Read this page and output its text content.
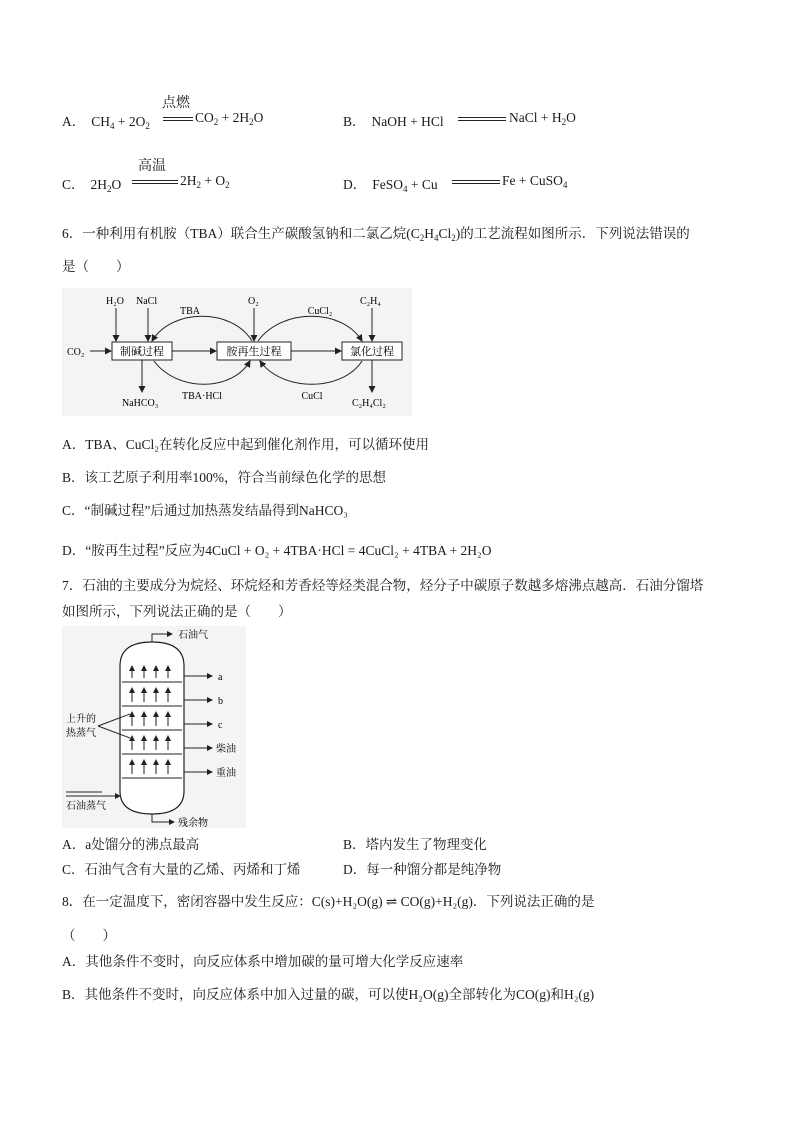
A． $CH_4 + 2O_2$
点燃
$CO_2 + 2H_2O$	B． NaOH + HCl	NaCl + $H_2O$
C． $2H_2O$
高温
$2H_2 + O_2$	D． FeSO$_4$ + Cu	Fe + CuSO$_4$
6．一种利用有机胺（TBA）联合生产碳酸氢钠和二氯乙烷$(C_2H_4Cl_2)$的工艺流程如图所示．下列说法错误的
是（　　）
制碱过程	胺再生过程	氯化过程
CO₂
H₂O NaCl	O₂	C₂H₄
TBA	CuCl₂
TBA·HCl	CuCl
NaHCO₃	C₂H₄Cl₂
A．TBA、CuCl₂在转化反应中起到催化剂作用，可以循环使用
B．该工艺原子利用率100%，符合当前绿色化学的思想
C．“制碱过程”后通过加热蒸发结晶得到NaHCO₃
D．“胺再生过程”反应为4CuCl + O₂ + 4TBA·HCl = 4CuCl₂ + 4TBA + 2H₂O
7．石油的主要成分为烷烃、环烷烃和芳香烃等烃类混合物，烃分子中碳原子数越多熔沸点越高．石油分馏塔
如图所示，下列说法正确的是（　　）
石油气
a
b
c
柴油
重油
上升的
热蒸气
石油蒸气
残余物
A．a处馏分的沸点最高	B．塔内发生了物理变化
C．石油气含有大量的乙烯、丙烯和丁烯	D．每一种馏分都是纯净物
8．在一定温度下，密闭容器中发生反应：C(s)+H₂O(g) ⇌ CO(g)+H₂(g)．下列说法正确的是
（　　）
A．其他条件不变时，向反应体系中增加碳的量可增大化学反应速率
B．其他条件不变时，向反应体系中加入过量的碳，可以使H₂O(g)全部转化为CO(g)和H₂(g)
